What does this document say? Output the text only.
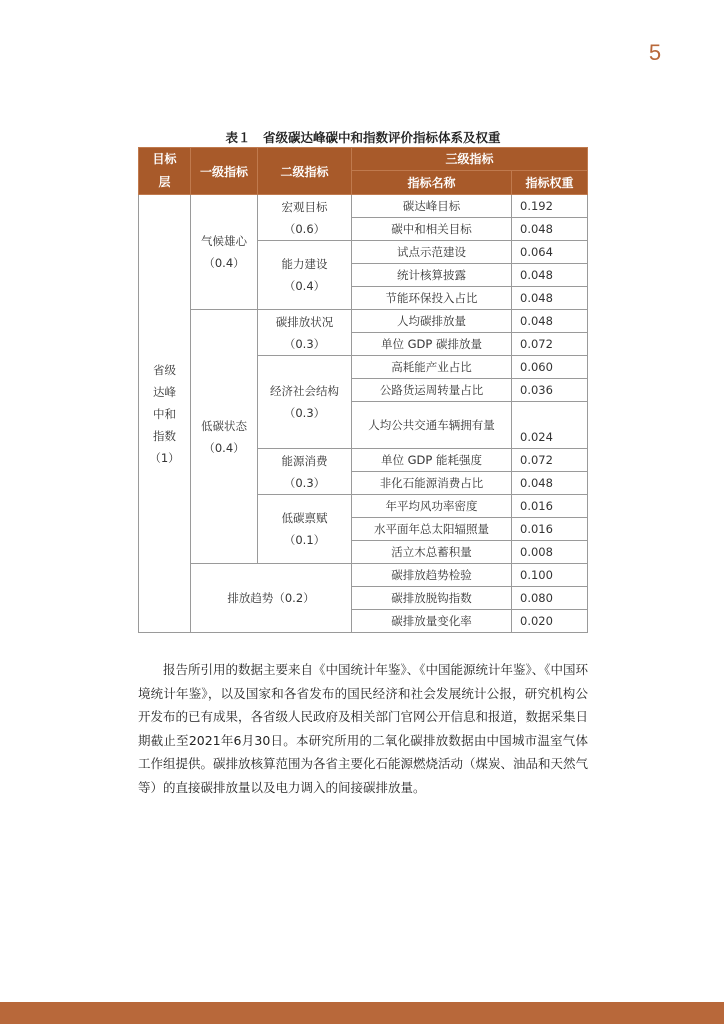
5
表１　省级碳达峰碳中和指数评价指标体系及权重
目标层	一级指标	二级指标	三级指标	
			指标名称	指标权重
省级达峰中和指数（1）	气候雄心（0.4）	宏观目标（0.6）	碳达峰目标	0.192
			碳中和相关目标	0.048
		能力建设（0.4）	试点示范建设	0.064
			统计核算披露	0.048
			节能环保投入占比	0.048
	低碳状态（0.4）	碳排放状况（0.3）	人均碳排放量	0.048
			单位 GDP 碳排放量	0.072
		经济社会结构（0.3）	高耗能产业占比	0.060
			公路货运周转量占比	0.036
			人均公共交通车辆拥有量	0.024
		能源消费（0.3）	单位 GDP 能耗强度	0.072
			非化石能源消费占比	0.048
		低碳禀赋（0.1）	年平均风功率密度	0.016
			水平面年总太阳辐照量	0.016
			活立木总蓄积量	0.008
	排放趋势（0.2）		碳排放趋势检验	0.100
			碳排放脱钩指数	0.080
			碳排放量变化率	0.020

报告所引用的数据主要来自《中国统计年鉴》、《中国能源统计年鉴》、《中国环境统计年鉴》，以及国家和各省发布的国民经济和社会发展统计公报，研究机构公开发布的已有成果，各省级人民政府及相关部门官网公开信息和报道，数据采集日期截止至2021年6月30日。本研究所用的二氧化碳排放数据由中国城市温室气体工作组提供。碳排放核算范围为各省主要化石能源燃烧活动（煤炭、油品和天然气等）的直接碳排放量以及电力调入的间接碳排放量。
